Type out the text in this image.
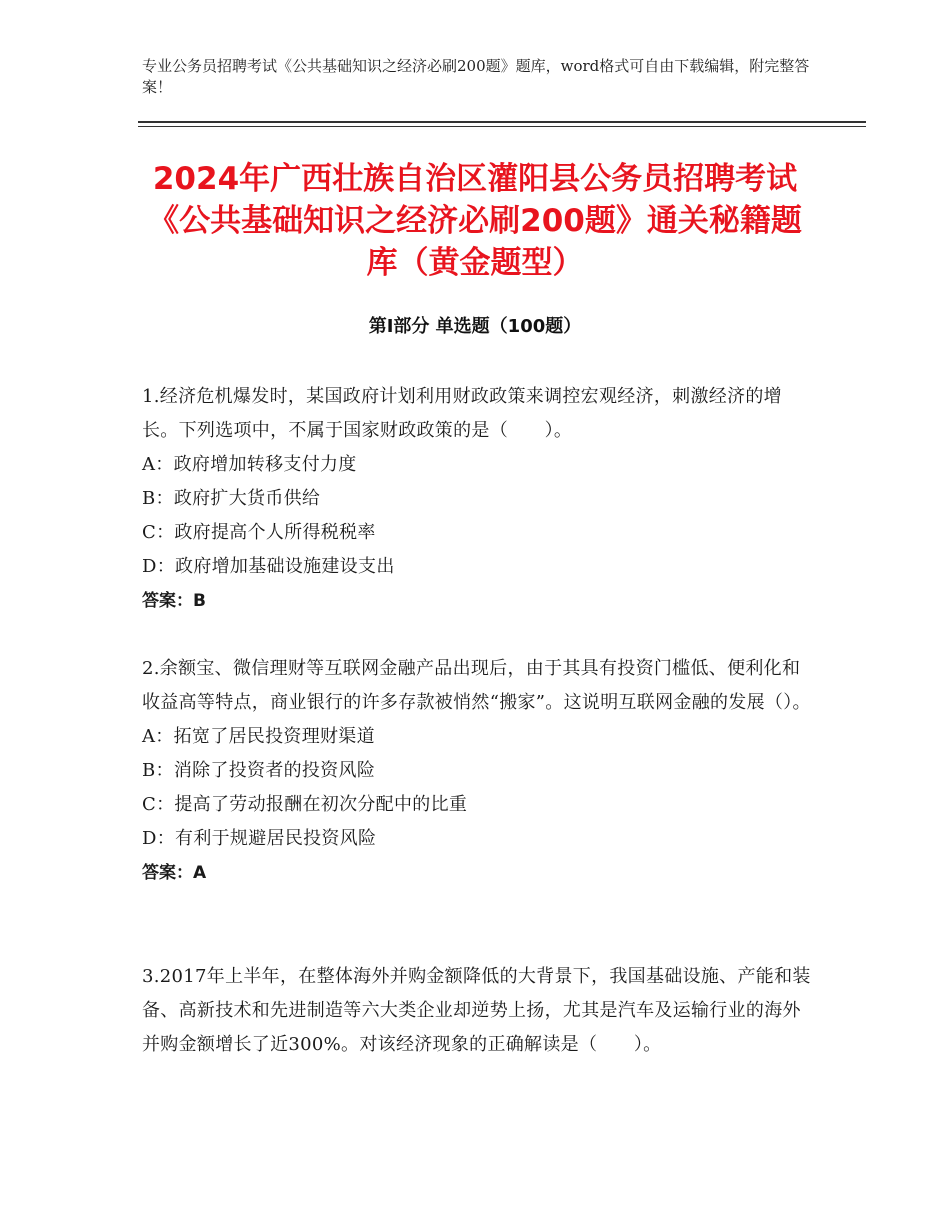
专业公务员招聘考试《公共基础知识之经济必刷200题》题库，word格式可自由下载编辑，附完整答案！
2024年广西壮族自治区灌阳县公务员招聘考试《公共基础知识之经济必刷200题》通关秘籍题库（黄金题型）
第Ⅰ部分 单选题（100题）

1.经济危机爆发时，某国政府计划利用财政政策来调控宏观经济，刺激经济的增长。下列选项中，不属于国家财政政策的是（　　）。

A：政府增加转移支付力度

B：政府扩大货币供给

C：政府提高个人所得税税率

D：政府增加基础设施建设支出

答案：B

2.余额宝、微信理财等互联网金融产品出现后，由于其具有投资门槛低、便利化和收益高等特点，商业银行的许多存款被悄然“搬家”。这说明互联网金融的发展（）。

A：拓宽了居民投资理财渠道

B：消除了投资者的投资风险

C：提高了劳动报酬在初次分配中的比重

D：有利于规避居民投资风险

答案：A

3.2017年上半年，在整体海外并购金额降低的大背景下，我国基础设施、产能和装备、高新技术和先进制造等六大类企业却逆势上扬，尤其是汽车及运输行业的海外并购金额增长了近300%。对该经济现象的正确解读是（　　）。
